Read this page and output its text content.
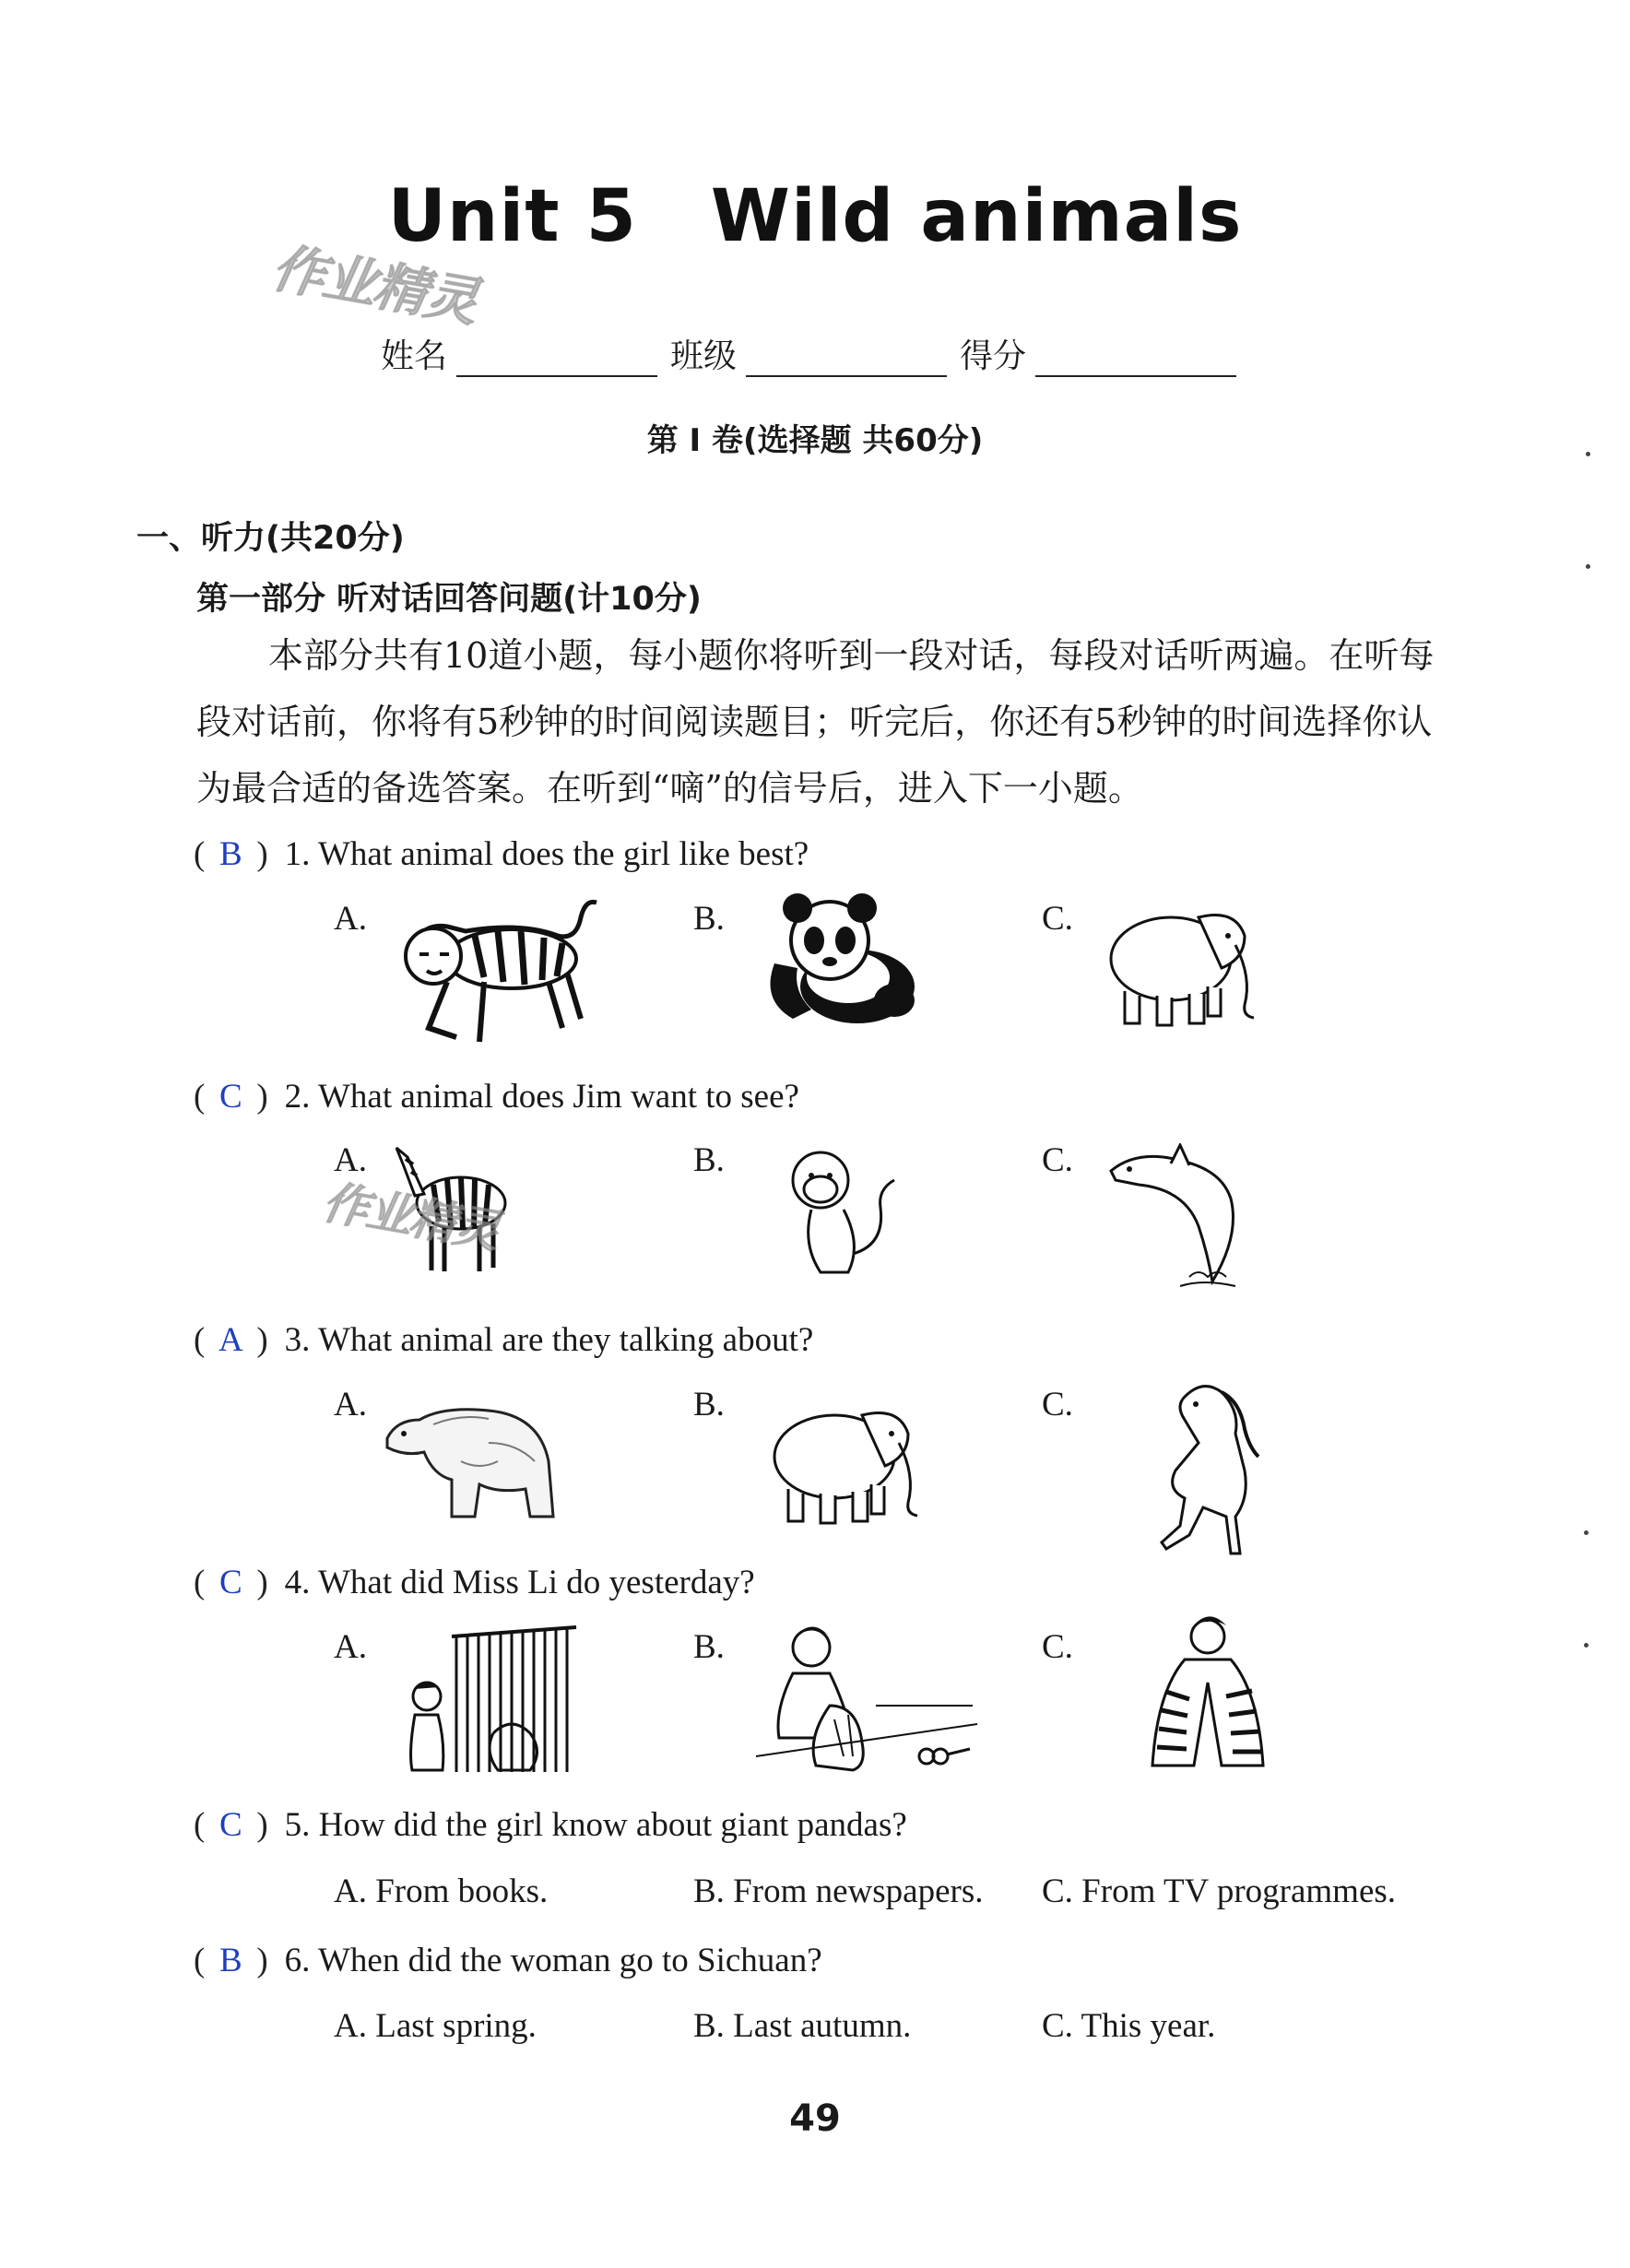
Unit 5 Wild animals
作业精灵
姓名	班级	得分
第 I 卷(选择题 共60分)
一、听力(共20分)
第一部分 听对话回答问题(计10分)
本部分共有10道小题，每小题你将听到一段对话，每段对话听两遍。在听每段对话前，你将有5秒钟的时间阅读题目；听完后，你还有5秒钟的时间选择你认为最合适的备选答案。在听到“嘀”的信号后，进入下一小题。
( B ) 1. What animal does the girl like best?
A.	B.	C.
( C ) 2. What animal does Jim want to see?
A.	B.	C.
作业精灵
( A ) 3. What animal are they talking about?
A.	B.	C.
( C ) 4. What did Miss Li do yesterday?
A.	B.	C.
( C ) 5. How did the girl know about giant pandas?
A. From books.	B. From newspapers. C. From TV programmes.
( B ) 6. When did the woman go to Sichuan?
A. Last spring.	B. Last autumn.	C. This year.
49
